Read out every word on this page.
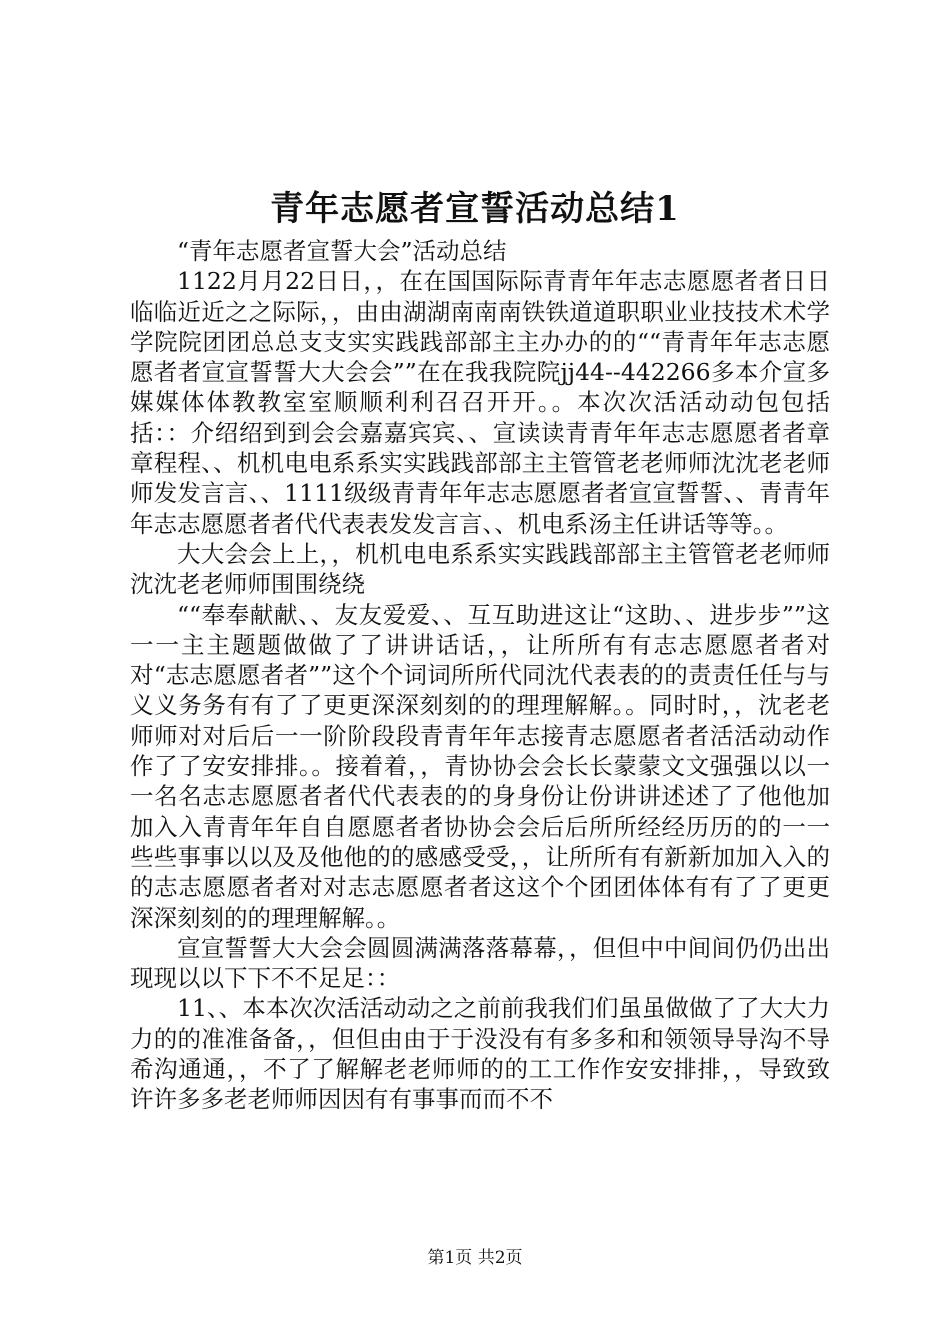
青年志愿者宣誓活动总结1

“青年志愿者宣誓大会”活动总结

1122月月22日日，，在在国国际际青青年年志志愿愿者者日日临临近近之之际际，，由由湖湖南南南铁铁道道职职业业技技术术学学院院团团总总支支实实践践部部主主办办的的““青青年年志志愿愿者者宣宣誓誓大大会会””在在我我院院jj44--442266多本介宣多媒媒体体教教室室顺顺利利召召开开。。本次次活活动动包包括括：：介绍绍到到会会嘉嘉宾宾、、宣读读青青年年志志愿愿者者章章程程、、机机电电系系实实践践部部主主管管老老师师沈沈老老师师发发言言、、1111级级青青年年志志愿愿者者宣宣誓誓、、青青年年志志愿愿者者代代表表发发言言、、机电系汤主任讲话等等。。

大大会会上上，，机机电电系系实实践践部部主主管管老老师师沈沈老老师师围围绕绕

““奉奉献献、、友友爱爱、、互互助进这让“这助、、进步步””这一一主主题题做做了了讲讲话话，，让所所有有志志愿愿者者对对“志志愿愿者者””这个个词词所所代同沈代表表的的责责任任与与义义务务有有了了更更深深刻刻的的理理解解。。同时时，，沈老老师师对对后后一一阶阶段段青青年年志接青志愿愿者者活活动动作作了了安安排排。。接着着，，青协协会会长长蒙蒙文文强强以以一一名名志志愿愿者者代代表表的的身身份让份讲讲述述了了他他加加入入青青年年自自愿愿者者协协会会后后所所经经历历的的一一些些事事以以及及他他的的感感受受，，让所所有有新新加加入入的的志志愿愿者者对对志志愿愿者者这这个个团团体体有有了了更更深深刻刻的的理理解解。。

宣宣誓誓大大会会圆圆满满落落幕幕，，但但中中间间仍仍出出现现以以下下不不足足：：

11、、本本次次活活动动之之前前我我们们虽虽做做了了大大力力的的准准备备，，但但由由于于没没有有多多和和领领导导沟不导希沟通通，，不了了解解老老师师的的工工作作安安排排，，导致致许许多多老老师师因因有有事事而而不不

第1页 共2页
